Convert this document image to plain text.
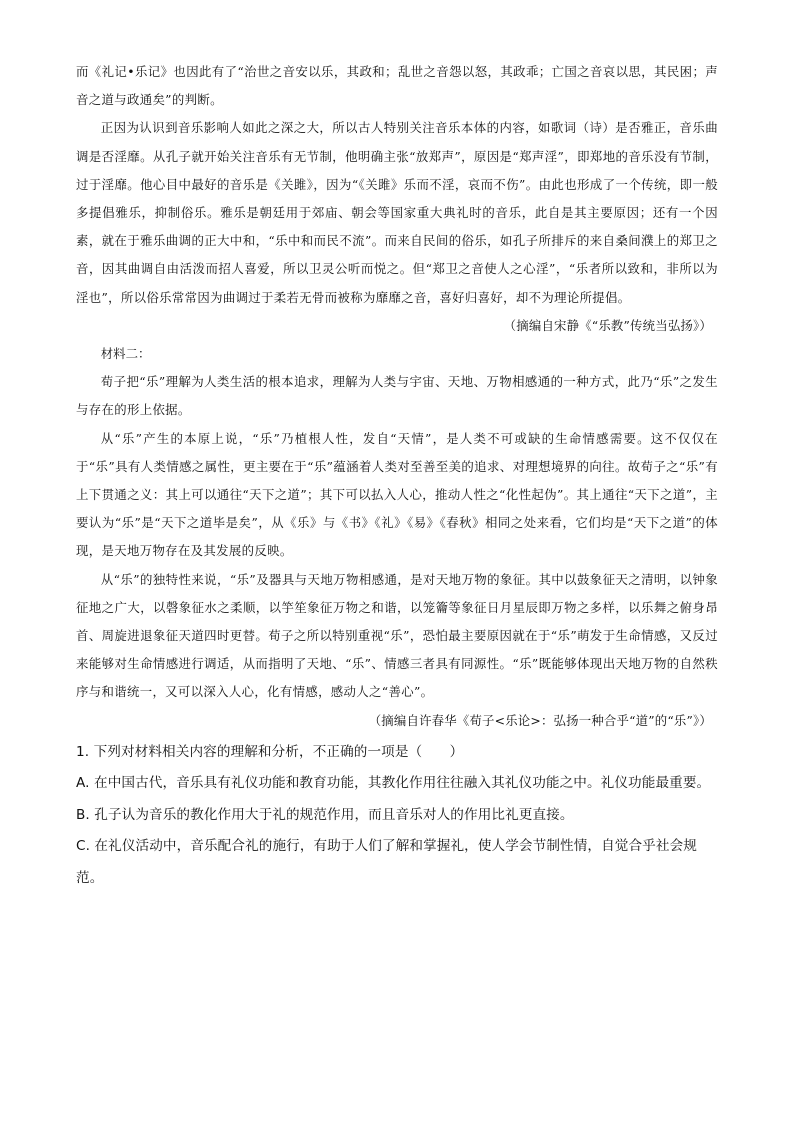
而《礼记•乐记》也因此有了“治世之音安以乐，其政和；乱世之音怨以怒，其政乖；亡国之音哀以思，其民困；声音之道与政通矣”的判断。

正因为认识到音乐影响人如此之深之大，所以古人特别关注音乐本体的内容，如歌词（诗）是否雅正，音乐曲调是否淫靡。从孔子就开始关注音乐有无节制，他明确主张“放郑声”，原因是“郑声淫”，即郑地的音乐没有节制，过于淫靡。他心目中最好的音乐是《关雎》，因为“《关雎》乐而不淫，哀而不伤”。由此也形成了一个传统，即一般多提倡雅乐，抑制俗乐。雅乐是朝廷用于郊庙、朝会等国家重大典礼时的音乐，此自是其主要原因；还有一个因素，就在于雅乐曲调的正大中和，“乐中和而民不流”。而来自民间的俗乐，如孔子所排斥的来自桑间濮上的郑卫之音，因其曲调自由活泼而招人喜爱，所以卫灵公听而悦之。但“郑卫之音使人之心淫”，“乐者所以致和，非所以为淫也”，所以俗乐常常因为曲调过于柔若无骨而被称为靡靡之音，喜好归喜好，却不为理论所提倡。

（摘编自宋静《“乐教”传统当弘扬》）

材料二：

荀子把“乐”理解为人类生活的根本追求，理解为人类与宇宙、天地、万物相感通的一种方式，此乃“乐”之发生与存在的形上依据。

从“乐”产生的本原上说，“乐”乃植根人性，发自“天情”，是人类不可或缺的生命情感需要。这不仅仅在于“乐”具有人类情感之属性，更主要在于“乐”蕴涵着人类对至善至美的追求、对理想境界的向往。故荀子之“乐”有上下贯通之义：其上可以通往“天下之道”；其下可以払入人心，推动人性之“化性起伪”。其上通往“天下之道”，主要认为“乐”是“天下之道毕是矣”，从《乐》与《书》《礼》《易》《春秋》相同之处来看，它们均是“天下之道”的体现，是天地万物存在及其发展的反映。

从“乐”的独特性来说，“乐”及器具与天地万物相感通，是对天地万物的象征。其中以鼓象征天之清明，以钟象征地之广大，以磬象征水之柔顺，以竽笙象征万物之和谐，以笼籥等象征日月星辰即万物之多样，以乐舞之俯身昂首、周旋进退象征天道四时更替。荀子之所以特别重视“乐”，恐怕最主要原因就在于“乐”萌发于生命情感，又反过来能够对生命情感进行调适，从而指明了天地、“乐”、情感三者具有同源性。“乐”既能够体现出天地万物的自然秩序与和谐统一，又可以深入人心，化有情感，感动人之“善心”。

（摘编自许春华《荀子<乐论>：弘扬一种合乎“道”的“乐”》）

1. 下列对材料相关内容的理解和分析，不正确的一项是（　　）

A. 在中国古代，音乐具有礼仪功能和教育功能，其教化作用往往融入其礼仪功能之中。礼仪功能最重要。

B. 孔子认为音乐的教化作用大于礼的规范作用，而且音乐对人的作用比礼更直接。

C. 在礼仪活动中，音乐配合礼的施行，有助于人们了解和掌握礼，使人学会节制性情，自觉合乎社会规范。
